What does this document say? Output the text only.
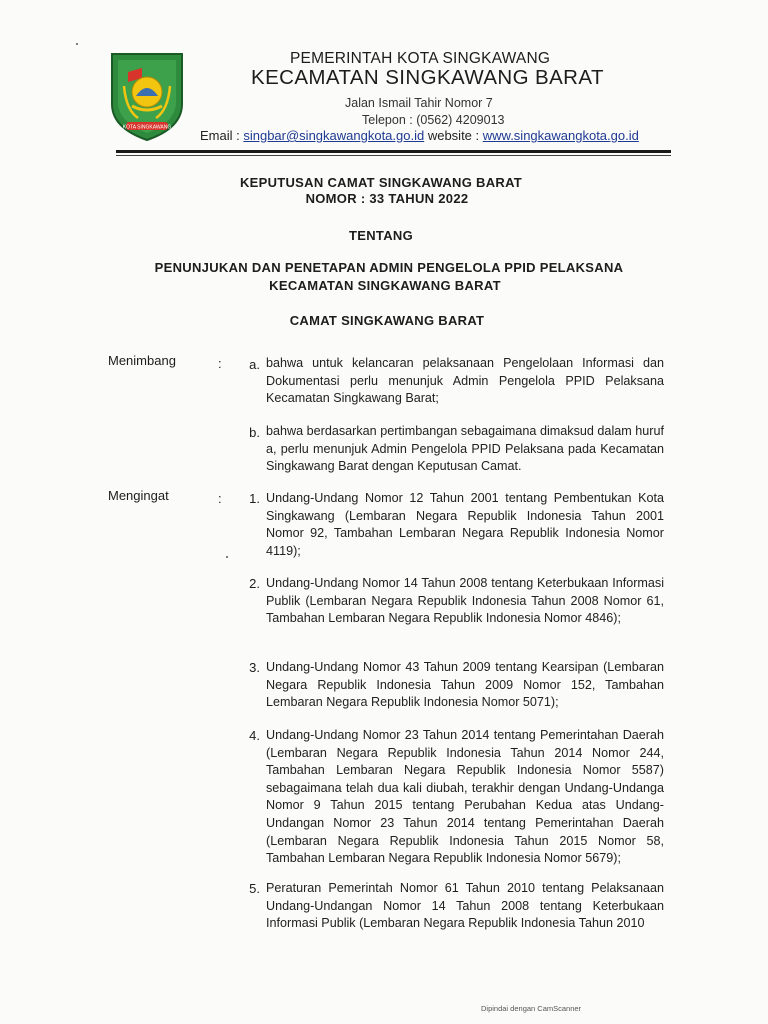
KOTA SINGKAWANG
PEMERINTAH KOTA SINGKAWANG
KECAMATAN SINGKAWANG BARAT
Jalan Ismail Tahir Nomor 7
Telepon : (0562) 4209013
Email : singbar@singkawangkota.go.id website : www.singkawangkota.go.id
KEPUTUSAN CAMAT SINGKAWANG BARAT
NOMOR : 33 TAHUN 2022
TENTANG
PENUNJUKAN DAN PENETAPAN ADMIN PENGELOLA PPID PELAKSANA
KECAMATAN SINGKAWANG BARAT
CAMAT SINGKAWANG BARAT
Menimbang	:	a. bahwa untuk kelancaran pelaksanaan Pengelolaan Informasi dan Dokumentasi perlu menunjuk Admin Pengelola PPID Pelaksana Kecamatan Singkawang Barat;
b. bahwa berdasarkan pertimbangan sebagaimana dimaksud dalam huruf a, perlu menunjuk Admin Pengelola PPID Pelaksana pada Kecamatan Singkawang Barat dengan Keputusan Camat.
Mengingat	:	1. Undang-Undang Nomor 12 Tahun 2001 tentang Pembentukan Kota Singkawang (Lembaran Negara Republik Indonesia Tahun 2001 Nomor 92, Tambahan Lembaran Negara Republik Indonesia Nomor 4119);
2. Undang-Undang Nomor 14 Tahun 2008 tentang Keterbukaan Informasi Publik (Lembaran Negara Republik Indonesia Tahun 2008 Nomor 61, Tambahan Lembaran Negara Republik Indonesia Nomor 4846);
3. Undang-Undang Nomor 43 Tahun 2009 tentang Kearsipan (Lembaran Negara Republik Indonesia Tahun 2009 Nomor 152, Tambahan Lembaran Negara Republik Indonesia Nomor 5071);
4. Undang-Undang Nomor 23 Tahun 2014 tentang Pemerintahan Daerah (Lembaran Negara Republik Indonesia Tahun 2014 Nomor 244, Tambahan Lembaran Negara Republik Indonesia Nomor 5587) sebagaimana telah dua kali diubah, terakhir dengan Undang-Undanga Nomor 9 Tahun 2015 tentang Perubahan Kedua atas Undang-Undangan Nomor 23 Tahun 2014 tentang Pemerintahan Daerah (Lembaran Negara Republik Indonesia Tahun 2015 Nomor 58, Tambahan Lembaran Negara Republik Indonesia Nomor 5679);
5. Peraturan Pemerintah Nomor 61 Tahun 2010 tentang Pelaksanaan Undang-Undangan Nomor 14 Tahun 2008 tentang Keterbukaan Informasi Publik (Lembaran Negara Republik Indonesia Tahun 2010
Dipindai dengan CamScanner
